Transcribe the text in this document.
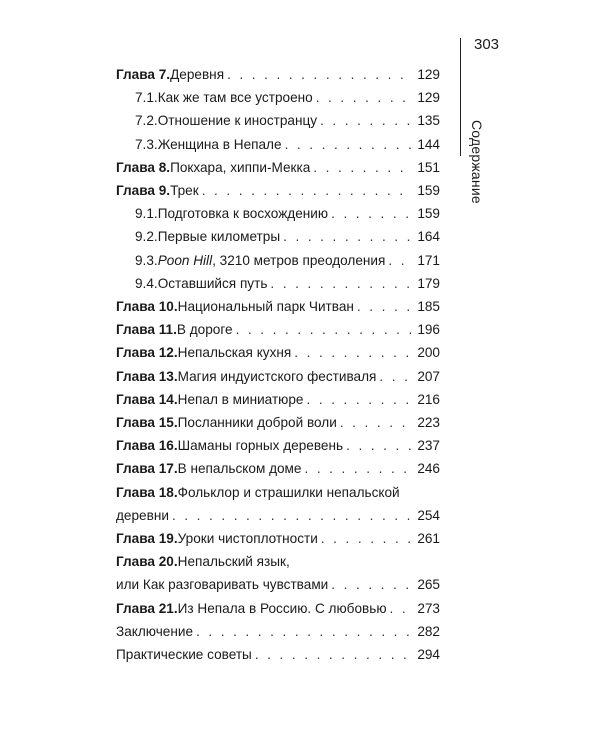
303
Содержание
Глава 7. Деревня . . .	129
7.1. Как же там все устроено . . .	129
7.2. Отношение к иностранцу . . .	135
7.3. Женщина в Непале . . .	144
Глава 8. Покхара, хиппи-Мекка . . .	151
Глава 9. Трек . . .	159
9.1. Подготовка к восхождению . . .	159
9.2. Первые километры . . .	164
9.3. Poon Hill , 3210 метров преодоления . . . 171
9.4. Оставшийся путь . . .	179
Глава 10. Национальный парк Читван . . .	185
Глава 11. В дороге . . .	196
Глава 12. Непальская кухня . . .	200
Глава 13. Магия индуистского фестиваля . . .	207
Глава 14. Непал в миниатюре . . .	216
Глава 15. Посланники доброй воли . . .	223
Глава 16. Шаманы горных деревень . . .	237
Глава 17. В непальском доме . . .	246
Глава 18. Фольклор и страшилки непальской
деревни . . .	254
Глава 19. Уроки чистоплотности . . .	261
Глава 20. Непальский язык,
или Как разговаривать чувствами . . .	265
Глава 21. Из Непала в Россию. С любовью . . . 273
Заключение . . .	282
Практические советы . . .	294
